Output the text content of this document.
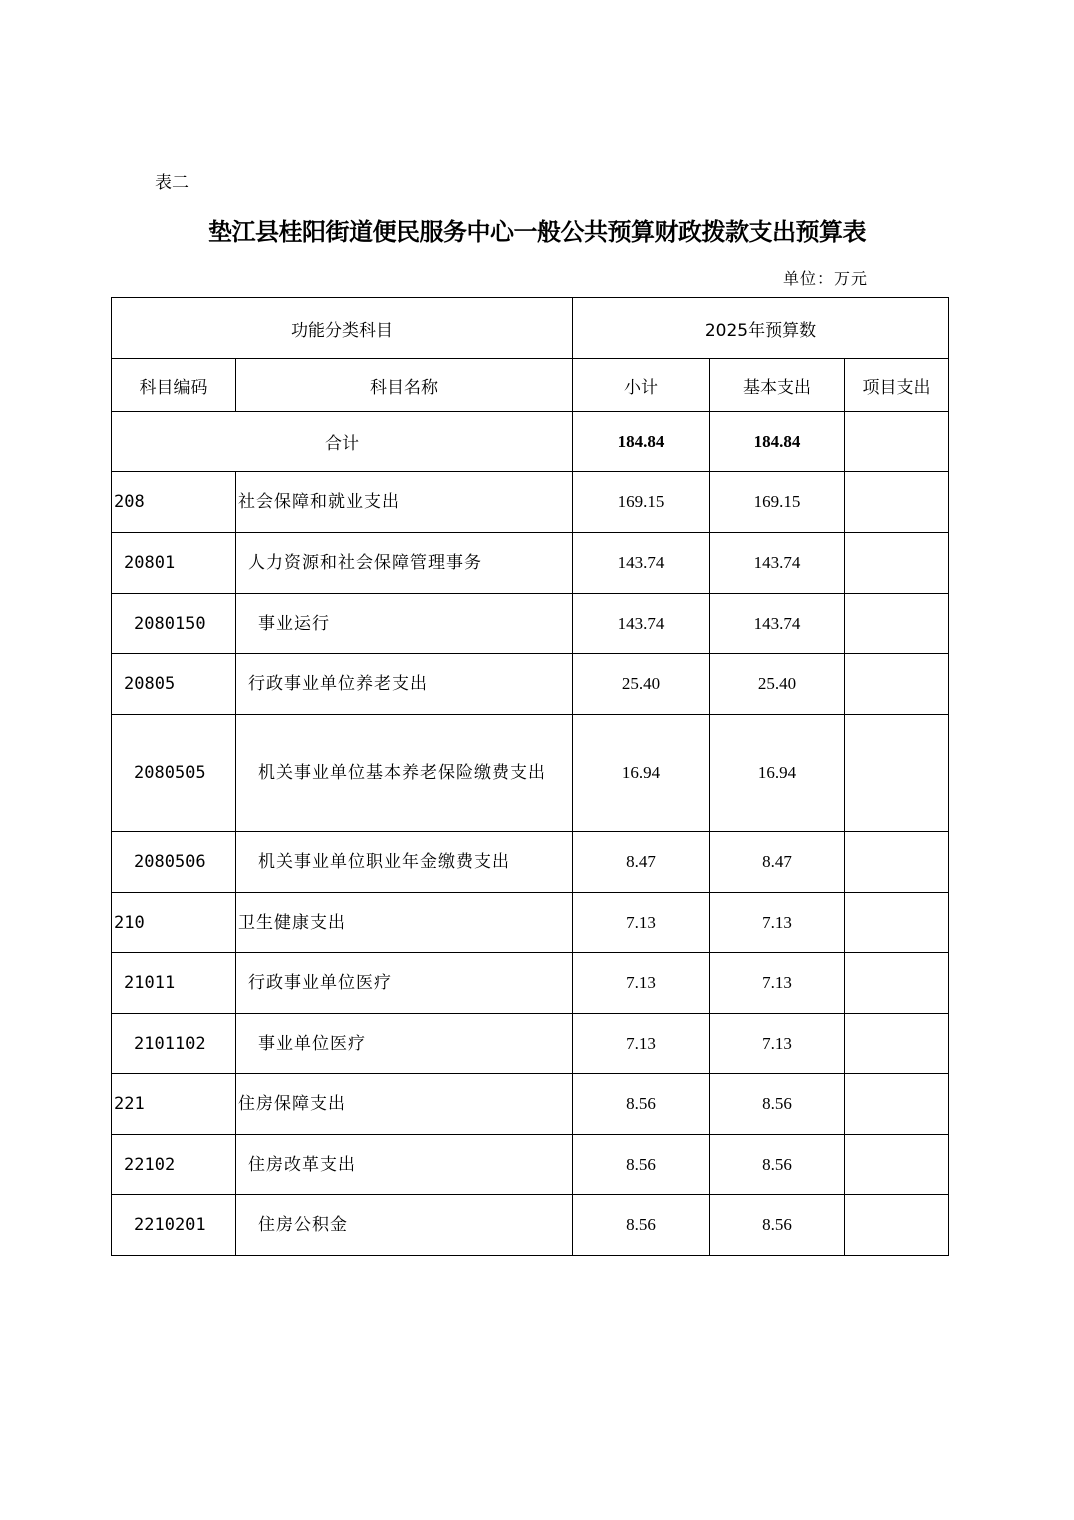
表二
垫江县桂阳街道便民服务中心一般公共预算财政拨款支出预算表
单位：万元
功能分类科目		2025年预算数		
科目编码	科目名称	小计	基本支出	项目支出
合计		184.84	184.84	
208	社会保障和就业支出	169.15	169.15	
20801	人力资源和社会保障管理事务	143.74	143.74	
2080150	事业运行	143.74	143.74	
20805	行政事业单位养老支出	25.40	25.40	
2080505	机关事业单位基本养老保险缴费支出	16.94	16.94	
2080506	机关事业单位职业年金缴费支出	8.47	8.47	
210	卫生健康支出	7.13	7.13	
21011	行政事业单位医疗	7.13	7.13	
2101102	事业单位医疗	7.13	7.13	
221	住房保障支出	8.56	8.56	
22102	住房改革支出	8.56	8.56	
2210201	住房公积金	8.56	8.56	
